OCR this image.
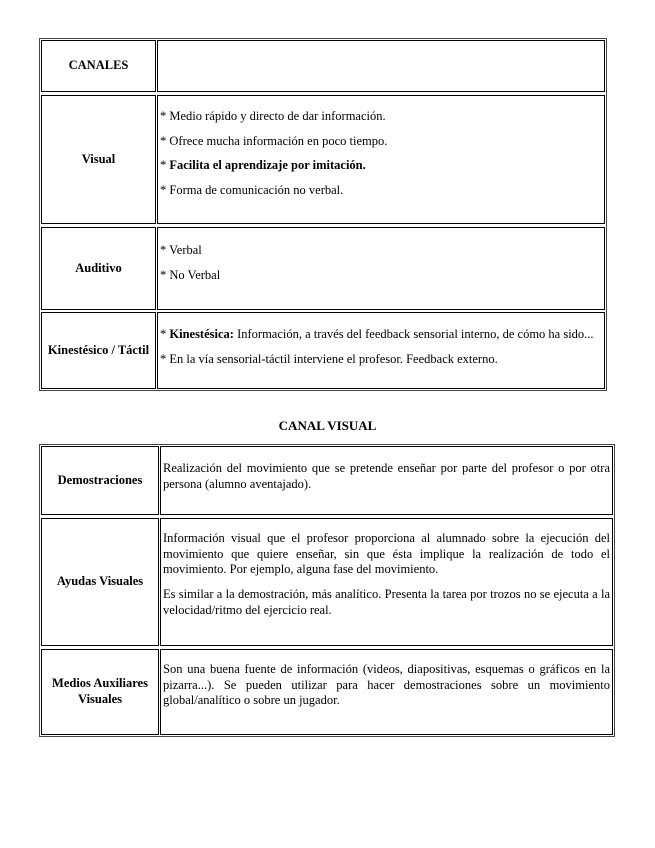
CANALES
Visual

* Medio rápido y directo de dar información.

* Ofrece mucha información en poco tiempo.

* Facilita el aprendizaje por imitación.

* Forma de comunicación no verbal.

Auditivo

* Verbal

* No Verbal

Kinestésico / Táctil

* Kinestésica: Información, a través del feedback sensorial interno, de cómo ha sido...

* En la vía sensorial-táctil interviene el profesor. Feedback externo.

CANAL VISUAL
Demostraciones

Realización del movimiento que se pretende enseñar por parte del profesor o por otra persona (alumno aventajado).

Ayudas Visuales

Información visual que el profesor proporciona al alumnado sobre la ejecución del movimiento que quiere enseñar, sin que ésta implique la realización de todo el movimiento. Por ejemplo, alguna fase del movimiento.

Es similar a la demostración, más analítico. Presenta la tarea por trozos no se ejecuta a la velocidad/ritmo del ejercicio real.

Medios Auxiliares Visuales

Son una buena fuente de información (videos, diapositivas, esquemas o gráficos en la pizarra...). Se pueden utilizar para hacer demostraciones sobre un movimiento global/analítico o sobre un jugador.
